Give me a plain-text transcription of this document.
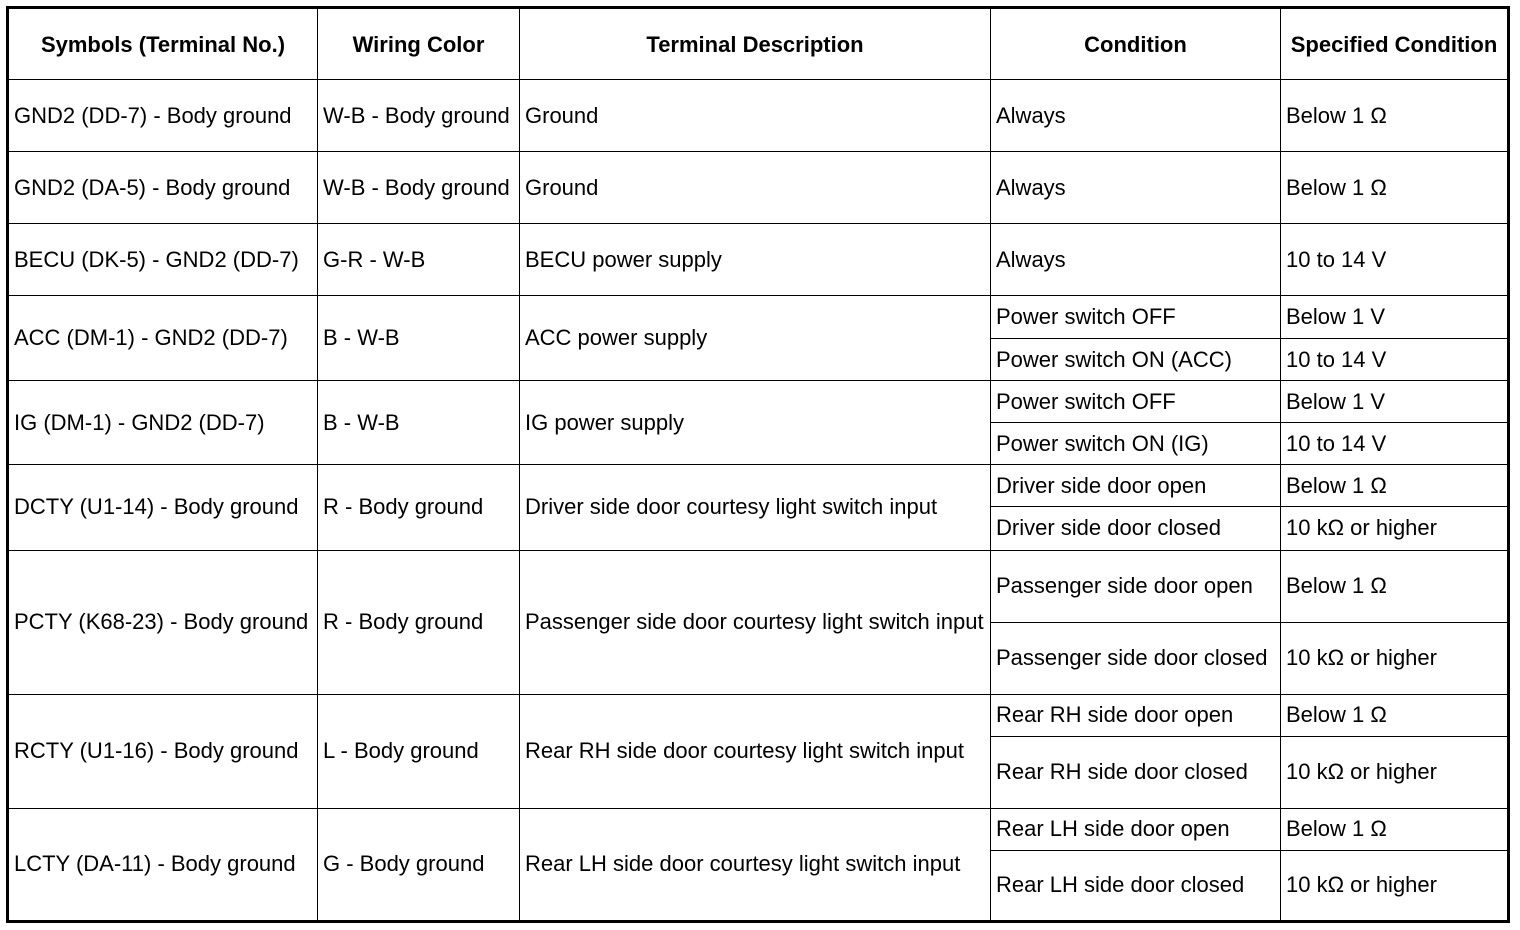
Symbols (Terminal No.)	Wiring Color	Terminal Description	Condition	Specified Condition
GND2 (DD-7) - Body ground	W-B - Body ground	Ground	Always	Below 1 Ω
GND2 (DA-5) - Body ground	W-B - Body ground	Ground	Always	Below 1 Ω
BECU (DK-5) - GND2 (DD-7)	G-R - W-B	BECU power supply	Always	10 to 14 V
ACC (DM-1) - GND2 (DD-7)	B - W-B	ACC power supply	Power switch OFF	Below 1 V
			Power switch ON (ACC)	10 to 14 V
IG (DM-1) - GND2 (DD-7)	B - W-B	IG power supply	Power switch OFF	Below 1 V
			Power switch ON (IG)	10 to 14 V
DCTY (U1-14) - Body ground	R - Body ground	Driver side door courtesy light switch input	Driver side door open	Below 1 Ω
			Driver side door closed	10 kΩ or higher
PCTY (K68-23) - Body ground	R - Body ground	Passenger side door courtesy light switch input	Passenger side door open	Below 1 Ω
			Passenger side door closed	10 kΩ or higher
RCTY (U1-16) - Body ground	L - Body ground	Rear RH side door courtesy light switch input	Rear RH side door open	Below 1 Ω
			Rear RH side door closed	10 kΩ or higher
LCTY (DA-11) - Body ground	G - Body ground	Rear LH side door courtesy light switch input	Rear LH side door open	Below 1 Ω
			Rear LH side door closed	10 kΩ or higher
